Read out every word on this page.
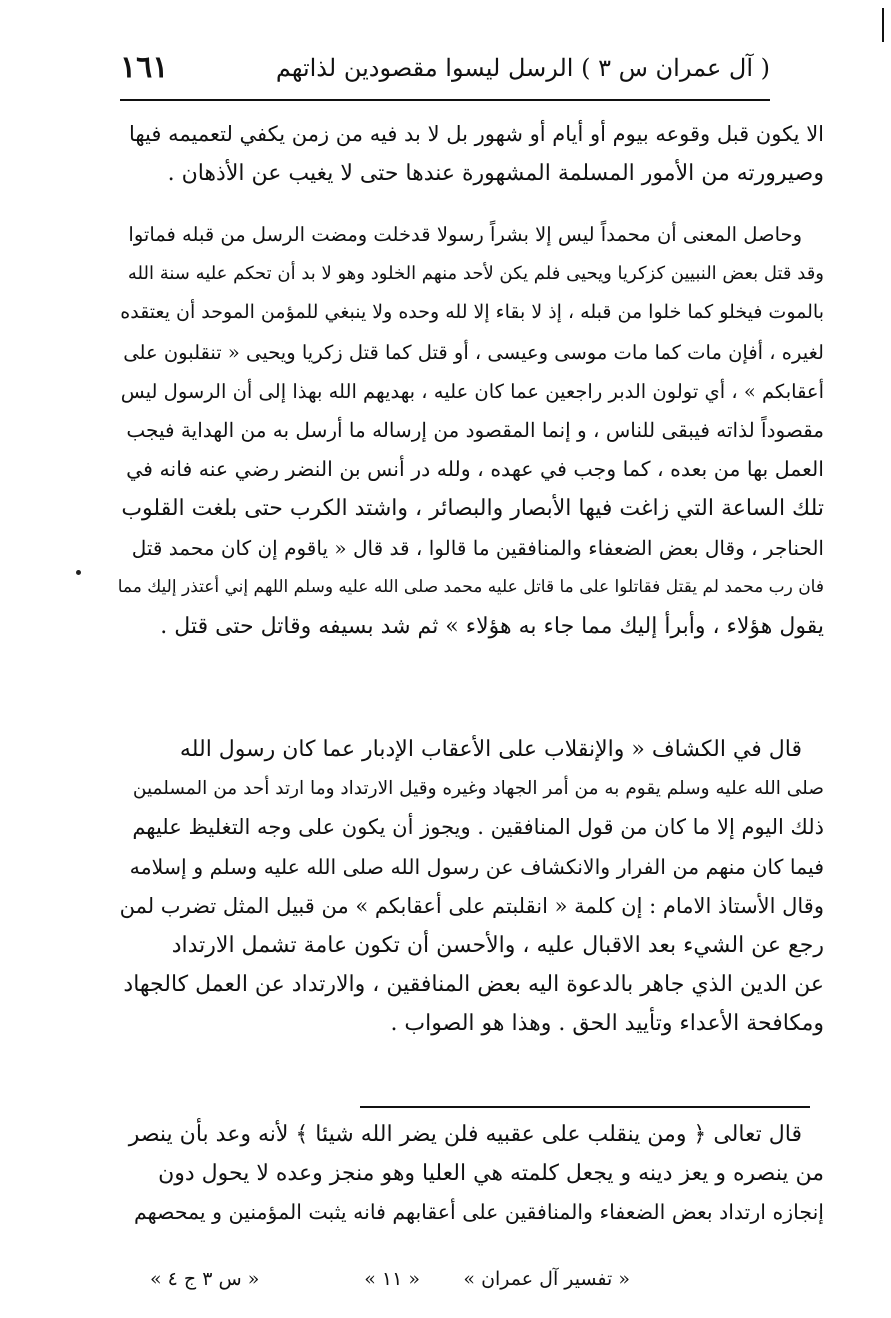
( آل عمران س ٣ ) الرسل ليسوا مقصودين لذاتهم
١٦١
الا يكون قبل وقوعه بيوم أو أيام أو شهور بل لا بد فيه من زمن يكفي لتعميمه فيها
وصيرورته من الأمور المسلمة المشهورة عندها حتى لا يغيب عن الأذهان .
وحاصل المعنى أن محمداً ليس إلا بشراً رسولا قدخلت ومضت الرسل من قبله فماتوا
وقد قتل بعض النبيين كزكريا ويحيى فلم يكن لأحد منهم الخلود وهو لا بد أن تحكم عليه سنة الله
بالموت فيخلو كما خلوا من قبله ، إذ لا بقاء إلا لله وحده ولا ينبغي للمؤمن الموحد أن يعتقده
لغيره ، أفإن مات كما مات موسى وعيسى ، أو قتل كما قتل زكريا ويحيى « تنقلبون على
أعقابكم » ، أي تولون الدبر راجعين عما كان عليه ، بهديهم الله بهذا إلى أن الرسول ليس
مقصوداً لذاته فيبقى للناس ، و إنما المقصود من إرساله ما أرسل به من الهداية فيجب
العمل بها من بعده ، كما وجب في عهده ، ولله در أنس بن النضر رضي عنه فانه في
تلك الساعة التي زاغت فيها الأبصار والبصائر ، واشتد الكرب حتى بلغت القلوب
الحناجر ، وقال بعض الضعفاء والمنافقين ما قالوا ، قد قال « ياقوم إن كان محمد قتل
فان رب محمد لم يقتل فقاتلوا على ما قاتل عليه محمد صلى الله عليه وسلم اللهم إني أعتذر إليك مما
يقول هؤلاء ، وأبرأ إليك مما جاء به هؤلاء » ثم شد بسيفه وقاتل حتى قتل .
قال في الكشاف « والإنقلاب على الأعقاب الإدبار عما كان رسول الله
صلى الله عليه وسلم يقوم به من أمر الجهاد وغيره وقيل الارتداد وما ارتد أحد من المسلمين
ذلك اليوم إلا ما كان من قول المنافقين . ويجوز أن يكون على وجه التغليظ عليهم
فيما كان منهم من الفرار والانكشاف عن رسول الله صلى الله عليه وسلم و إسلامه
وقال الأستاذ الامام : إن كلمة « انقلبتم على أعقابكم » من قبيل المثل تضرب لمن
رجع عن الشيء بعد الاقبال عليه ، والأحسن أن تكون عامة تشمل الارتداد
عن الدين الذي جاهر بالدعوة اليه بعض المنافقين ، والارتداد عن العمل كالجهاد
ومكافحة الأعداء وتأييد الحق . وهذا هو الصواب .
قال تعالى ﴿ ومن ينقلب على عقبيه فلن يضر الله شيئا ﴾ لأنه وعد بأن ينصر
من ينصره و يعز دينه و يجعل كلمته هي العليا وهو منجز وعده لا يحول دون
إنجازه ارتداد بعض الضعفاء والمنافقين على أعقابهم فانه يثبت المؤمنين و يمحصهم
« تفسير آل عمران »
« ١١ »
« س ٣ ج ٤ »
